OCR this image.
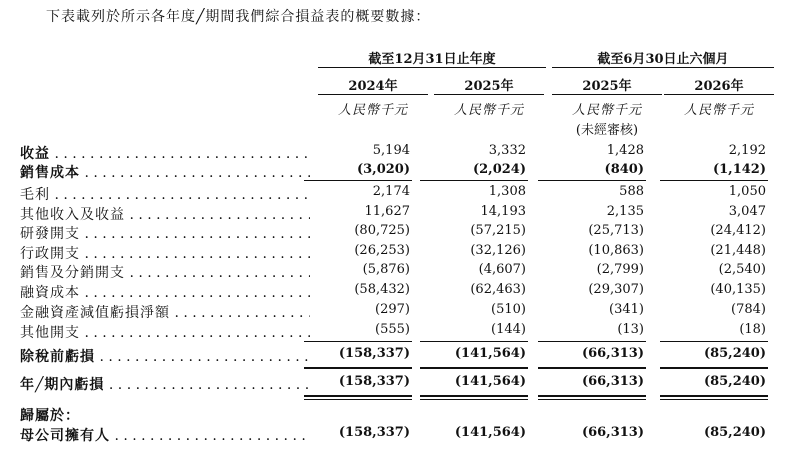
下表載列於所示各年度╱期間我們綜合損益表的概要數據：
截至12月31日止年度	截至6月30日止六個月
2024年	2025年	2025年	2026年
人民幣千元	人民幣千元	人民幣千元	人民幣千元
(未經審核)
收益 . . .	5,194	3,332	1,428	2,192
銷售成本 . . .	(3,020)	(2,024)	(840)	(1,142)
毛利 . . .	2,174	1,308	588	1,050
其他收入及收益 . . .	11,627	14,193	2,135	3,047
研發開支 . . .	(80,725)	(57,215)	(25,713)	(24,412)
行政開支 . . .	(26,253)	(32,126)	(10,863)	(21,448)
銷售及分銷開支 . . .	(5,876)	(4,607)	(2,799)	(2,540)
融資成本 . . .	(58,432)	(62,463)	(29,307)	(40,135)
金融資產減值虧損淨額 . . .	(297)	(510)	(341)	(784)
其他開支 . . .	(555)	(144)	(13)	(18)
除稅前虧損 . . .	(158,337)	(141,564)	(66,313)	(85,240)
年╱期內虧損 . . .	(158,337)	(141,564)	(66,313)	(85,240)
歸屬於：
母公司擁有人 . . .	(158,337)	(141,564)	(66,313)	(85,240)
